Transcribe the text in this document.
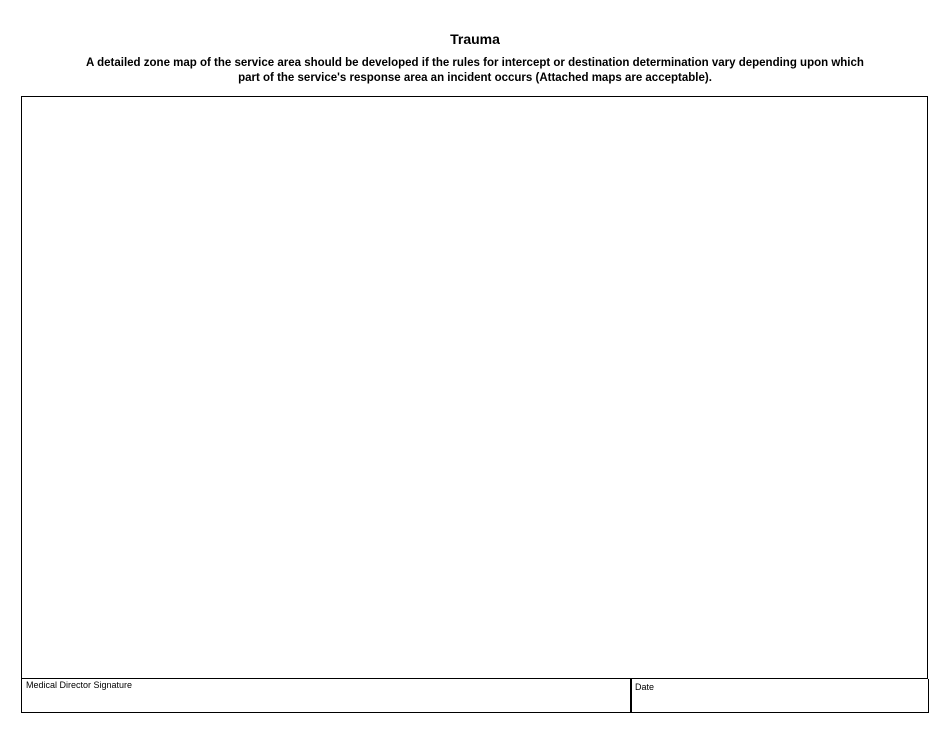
Trauma
A detailed zone map of the service area should be developed if the rules for intercept or destination determination vary depending upon which
part of the service's response area an incident occurs (Attached maps are acceptable).
Medical Director Signature	Date
